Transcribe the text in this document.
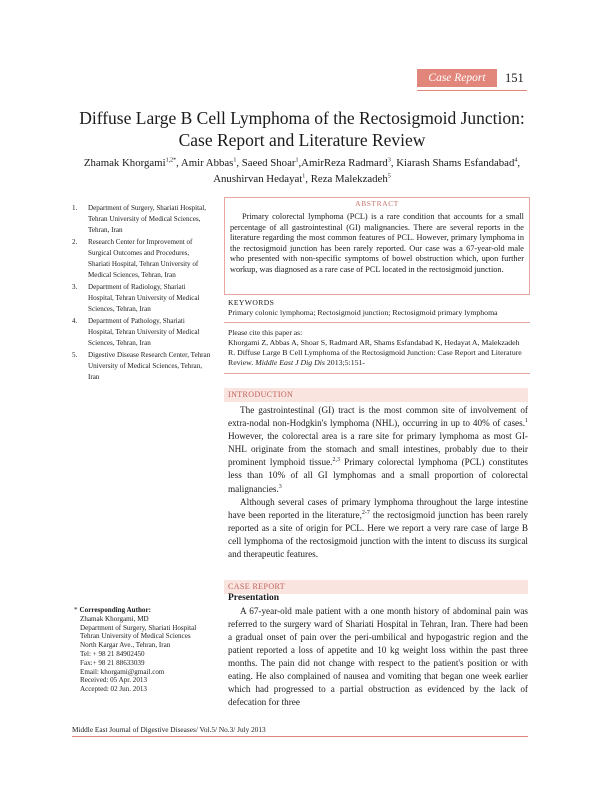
Case Report	151
Diffuse Large B Cell Lymphoma of the Rectosigmoid Junction:
Case Report and Literature Review
Zhamak Khorgami$^{1,2*}$, Amir Abbas$^1$, Saeed Shoar$^1$,AmirReza Radmard$^3$, Kiarash Shams Esfandabad$^4$,
Anushirvan Hedayat$^1$, Reza Malekzadeh$^5$
1. Department of Surgery, Shariati Hospital, Tehran University of Medical Sciences, Tehran, Iran
2. Research Center for Improvement of Surgical Outcomes and Procedures, Shariati Hospital, Tehran University of Medical Sciences, Tehran, Iran
3. Department of Radiology, Shariati Hospital, Tehran University of Medical Sciences, Tehran, Iran
4. Department of Pathology, Shariati Hospital, Tehran University of Medical Sciences, Tehran, Iran
5. Digestive Disease Research Center, Tehran University of Medical Sciences, Tehran, Iran
ABSTRACT
Primary colorectal lymphoma (PCL) is a rare condition that accounts for a small percentage of all gastrointestinal (GI) malignancies. There are several reports in the literature regarding the most common features of PCL. However, primary lymphoma in the rectosigmoid junction has been rarely reported. Our case was a 67-year-old male who presented with non-specific symptoms of bowel obstruction which, upon further workup, was diagnosed as a rare case of PCL located in the rectosigmoid junction.
KEYWORDS
Primary colonic lymphoma; Rectosigmoid junction; Rectosigmoid primary lymphoma
Please cite this paper as:
Khorgami Z, Abbas A, Shoar S, Radmard AR, Shams Esfandabad K, Hedayat A, Malekzadeh R. Diffuse Large B Cell Lymphoma of the Rectosigmoid Junction: Case Report and Literature Review. Middle East J Dig Dis 2013;5:151-
INTRODUCTION

The gastrointestinal (GI) tract is the most common site of involvement of extra-nodal non-Hodgkin's lymphoma (NHL), occurring in up to 40% of cases.$^1$ However, the colorectal area is a rare site for primary lymphoma as most GI-NHL originate from the stomach and small intestines, probably due to their prominent lymphoid tissue.$^{2,3}$ Primary colorectal lymphoma (PCL) constitutes less than 10% of all GI lymphomas and a small proportion of colorectal malignancies.$^3$

Although several cases of primary lymphoma throughout the large intestine have been reported in the literature,$^{2-7}$ the rectosigmoid junction has been rarely reported as a site of origin for PCL. Here we report a very rare case of large B cell lymphoma of the rectosigmoid junction with the intent to discuss its surgical and therapeutic features.

CASE REPORT
Presentation

A 67-year-old male patient with a one month history of abdominal pain was referred to the surgery ward of Shariati Hospital in Tehran, Iran. There had been a gradual onset of pain over the peri-umbilical and hypogastric region and the patient reported a loss of appetite and 10 kg weight loss within the past three months. The pain did not change with respect to the patient's position or with eating. He also complained of nausea and vomiting that began one week earlier which had progressed to a partial obstruction as evidenced by the lack of defecation for three

* Corresponding Author:
Zhamak Khorgami, MD
Department of Surgery, Shariati Hospital
Tehran University of Medical Sciences
North Kargar Ave., Tehran, Iran
Tel: + 98 21 84902450
Fax:+ 98 21 88633039
Email: khorgami@gmail.com
Received: 05 Apr. 2013
Accepted: 02 Jun. 2013
Middle East Journal of Digestive Diseases/ Vol.5/ No.3/ July 2013
